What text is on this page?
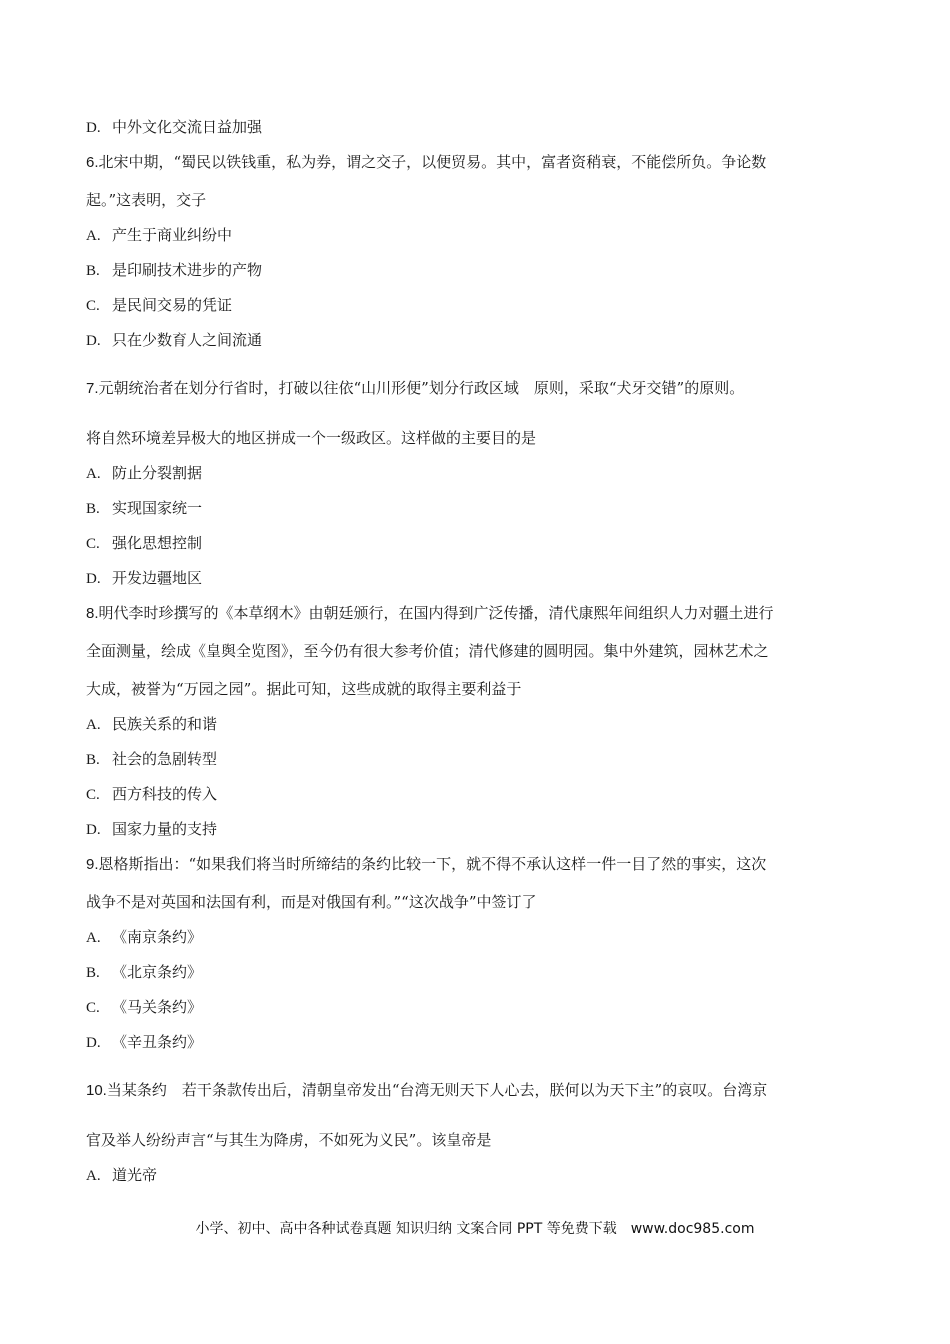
D. 中外文化交流日益加强
6.北宋中期，“蜀民以铁钱重，私为券，谓之交子，以便贸易。其中，富者资稍衰，不能偿所负。争论数
起。”这表明，交子
A. 产生于商业纠纷中
B. 是印刷技术进步的产物
C. 是民间交易的凭证
D. 只在少数育人之间流通
7.元朝统治者在划分行省时，打破以往依“山川形便”划分行政区域　原则，采取“犬牙交错”的原则。
将自然环境差异极大的地区拼成一个一级政区。这样做的主要目的是
A. 防止分裂割据
B. 实现国家统一
C. 强化思想控制
D. 开发边疆地区
8.明代李时珍撰写的《本草纲木》由朝廷颁行，在国内得到广泛传播，清代康熙年间组织人力对疆土进行
全面测量，绘成《皇舆全览图》，至今仍有很大参考价值；清代修建的圆明园。集中外建筑，园林艺术之
大成，被誉为“万园之园”。据此可知，这些成就的取得主要利益于
A. 民族关系的和谐
B. 社会的急剧转型
C. 西方科技的传入
D. 国家力量的支持
9.恩格斯指出：“如果我们将当时所缔结的条约比较一下，就不得不承认这样一件一目了然的事实，这次
战争不是对英国和法国有利，而是对俄国有利。”“这次战争”中签订了
A. 《南京条约》
B. 《北京条约》
C. 《马关条约》
D. 《辛丑条约》
10.当某条约　若干条款传出后，清朝皇帝发出“台湾无则天下人心去，朕何以为天下主”的哀叹。台湾京
官及举人纷纷声言“与其生为降虏，不如死为义民”。该皇帝是
A. 道光帝
小学、初中、高中各种试卷真题 知识归纳 文案合同 PPT 等免费下载　www.doc985.com
